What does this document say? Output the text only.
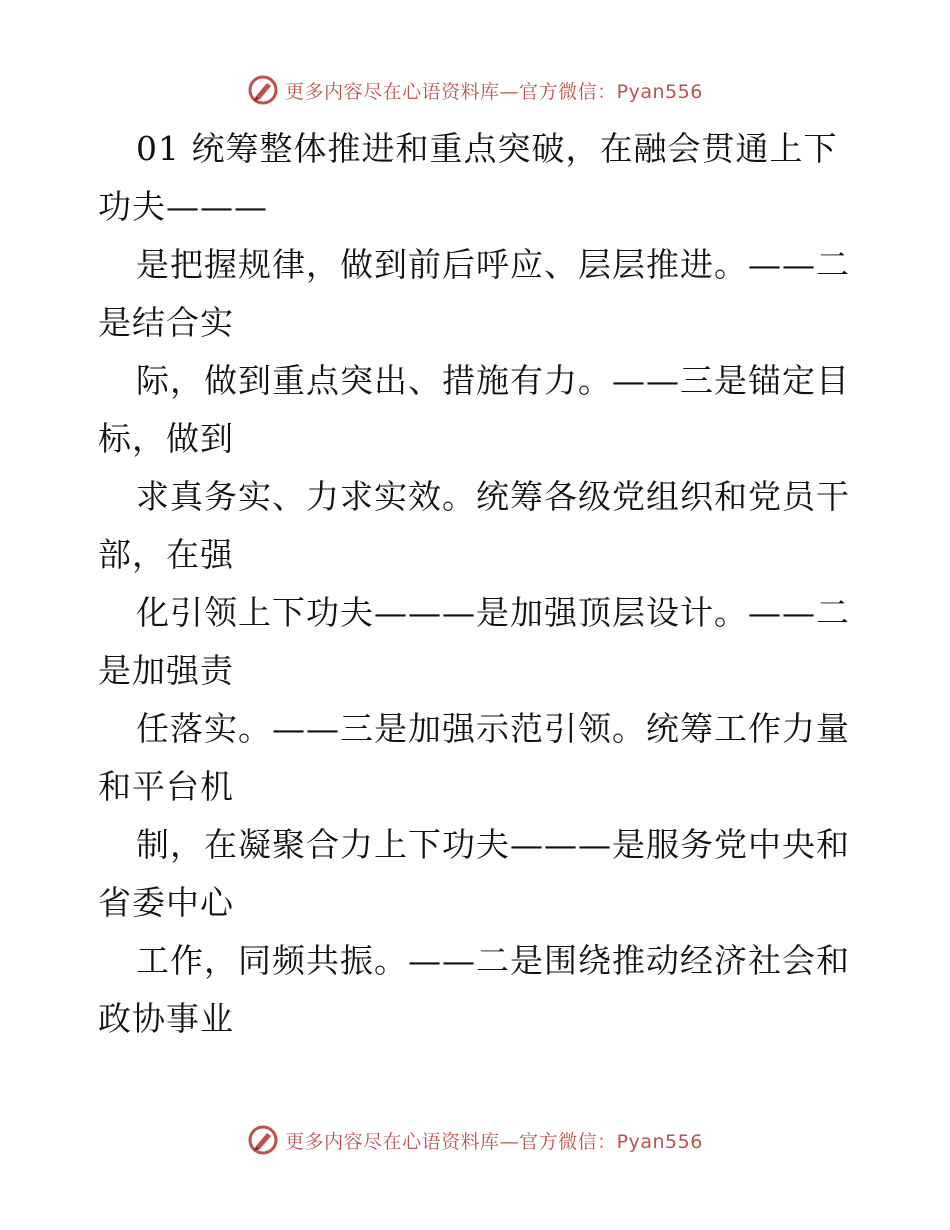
更多内容尽在心语资料库—官方微信：Pyan556
01 统筹整体推进和重点突破，在融会贯通上下
功夫———
是把握规律，做到前后呼应、层层推进。——二
是结合实
际，做到重点突出、措施有力。——三是锚定目
标，做到
求真务实、力求实效。统筹各级党组织和党员干
部，在强
化引领上下功夫———是加强顶层设计。——二
是加强责
任落实。——三是加强示范引领。统筹工作力量
和平台机
制，在凝聚合力上下功夫———是服务党中央和
省委中心
工作，同频共振。——二是围绕推动经济社会和
政协事业
更多内容尽在心语资料库—官方微信：Pyan556
